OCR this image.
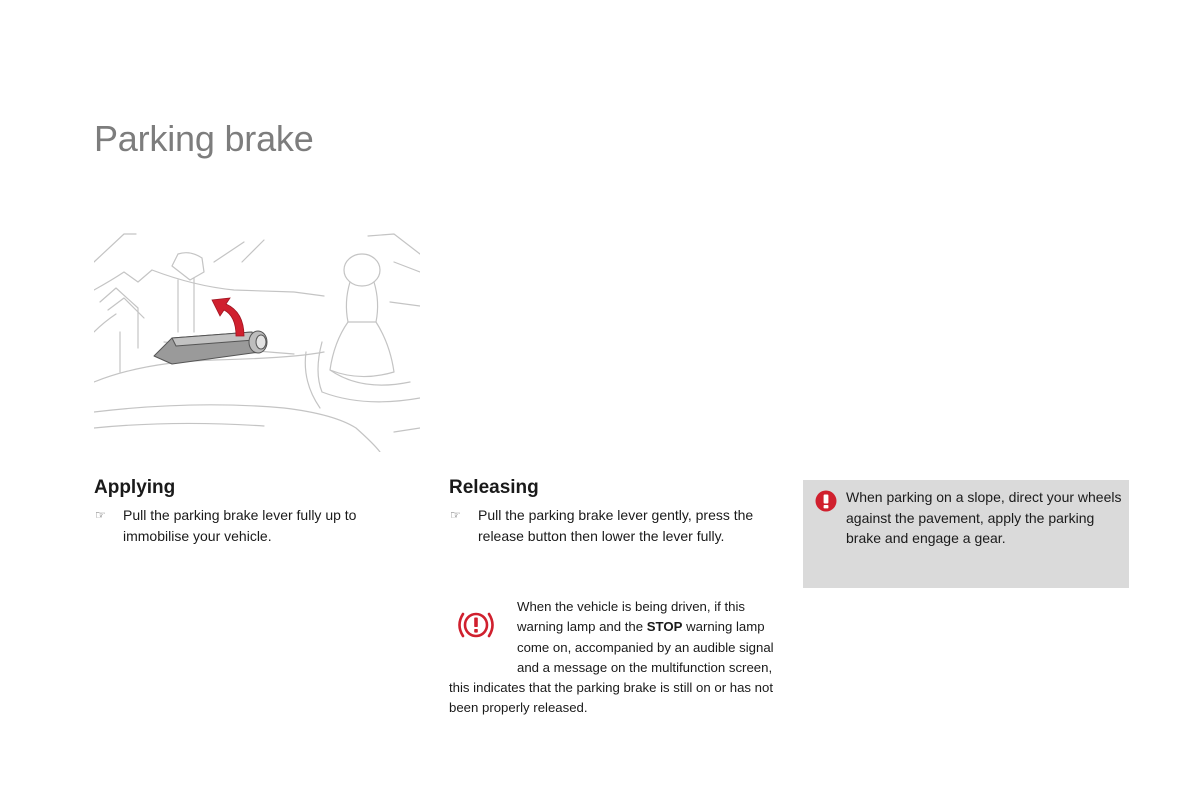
Parking brake
Applying
☞	Pull the parking brake lever fully up to immobilise your vehicle.
Releasing
☞	Pull the parking brake lever gently, press the release button then lower the lever fully.
When parking on a slope, direct your wheels against the pavement, apply the parking brake and engage a gear.
When the vehicle is being driven, if this warning lamp and the STOP warning lamp come on, accompanied by an audible signal and a message on the multifunction screen, this indicates that the parking brake is still on or has not been properly released.
